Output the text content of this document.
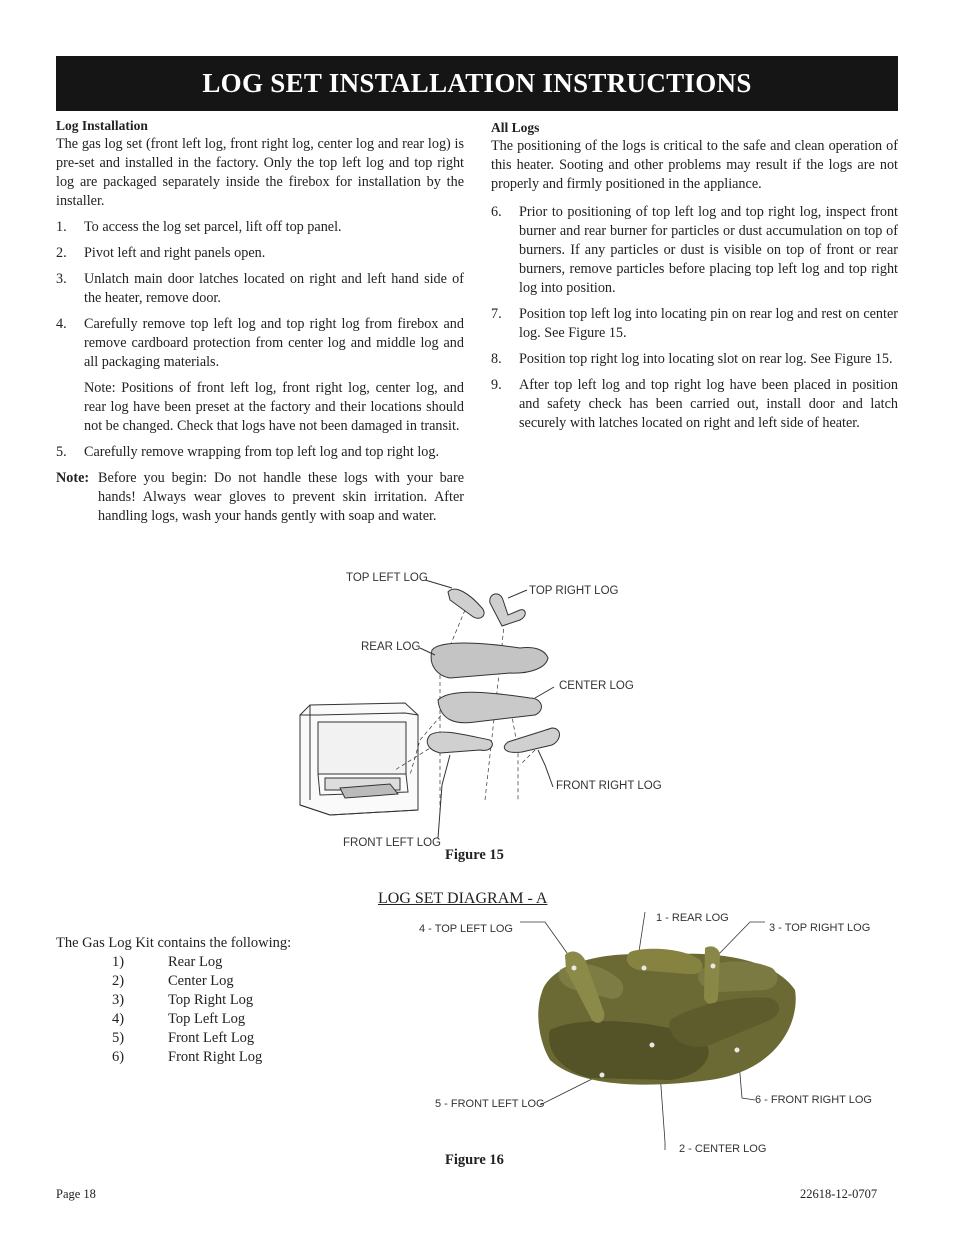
LOG SET INSTALLATION INSTRUCTIONS
Log Installation

The gas log set (front left log, front right log, center log and rear log) is pre-set and installed in the factory. Only the top left log and top right log are packaged separately inside the firebox for installation by the installer.

1.	To access the log set parcel, lift off top panel.
2.	Pivot left and right panels open.
3.	Unlatch main door latches located on right and left hand side of the heater, remove door.
4.	Carefully remove top left log and top right log from firebox and remove cardboard protection from center log and middle log and all packaging materials.
Note: Positions of front left log, front right log, center log, and rear log have been preset at the factory and their locations should not be changed. Check that logs have not been damaged in transit.
5.	Carefully remove wrapping from top left log and top right log.
Note: Before you begin: Do not handle these logs with your bare hands! Always wear gloves to prevent skin irritation. After handling logs, wash your hands gently with soap and water.
All Logs

The positioning of the logs is critical to the safe and clean operation of this heater. Sooting and other problems may result if the logs are not properly and firmly positioned in the appliance.

6.	Prior to positioning of top left log and top right log, inspect front burner and rear burner for particles or dust accumulation on top of burners. If any particles or dust is visible on top of front or rear burners, remove particles before placing top left log and top right log into position.
7.	Position top left log into locating pin on rear log and rest on center log. See Figure 15.
8.	Position top right log into locating slot on rear log. See Figure 15.
9.	After top left log and top right log have been placed in position and safety check has been carried out, install door and latch securely with latches located on right and left side of heater.
TOP LEFT LOG
TOP RIGHT LOG
REAR LOG
CENTER LOG
FRONT RIGHT LOG
FRONT LEFT LOG
Figure 15
LOG SET DIAGRAM - A
4 - TOP LEFT LOG
1 - REAR LOG
3 - TOP RIGHT LOG
5 - FRONT LEFT LOG	6 - FRONT RIGHT LOG
2 - CENTER LOG
Figure 16
The Gas Log Kit contains the following:
1)	Rear Log
2)	Center Log
3)	Top Right Log
4)	Top Left Log
5)	Front Left Log
6)	Front Right Log
Page 18	22618-12-0707
